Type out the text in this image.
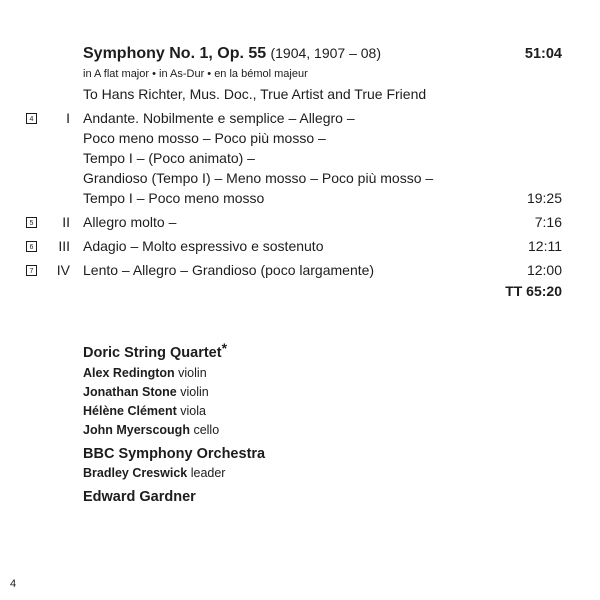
Symphony No. 1, Op. 55 (1904, 1907 – 08)	51:04
in A flat major • in As-Dur • en la bémol majeur
To Hans Richter, Mus. Doc., True Artist and True Friend
4	I Andante. Nobilmente e semplice – Allegro –
Poco meno mosso – Poco più mosso –
Tempo I – (Poco animato) –
Grandioso (Tempo I) – Meno mosso – Poco più mosso –
Tempo I – Poco meno mosso	19:25
5	II Allegro molto –	7:16
6	III Adagio – Molto espressivo e sostenuto	12:11
7	IV Lento – Allegro – Grandioso (poco largamente)	12:00
TT 65:20
Doric String Quartet*
Alex Redington violin
Jonathan Stone violin
Hélène Clément viola
John Myerscough cello
BBC Symphony Orchestra
Bradley Creswick leader
Edward Gardner
4
